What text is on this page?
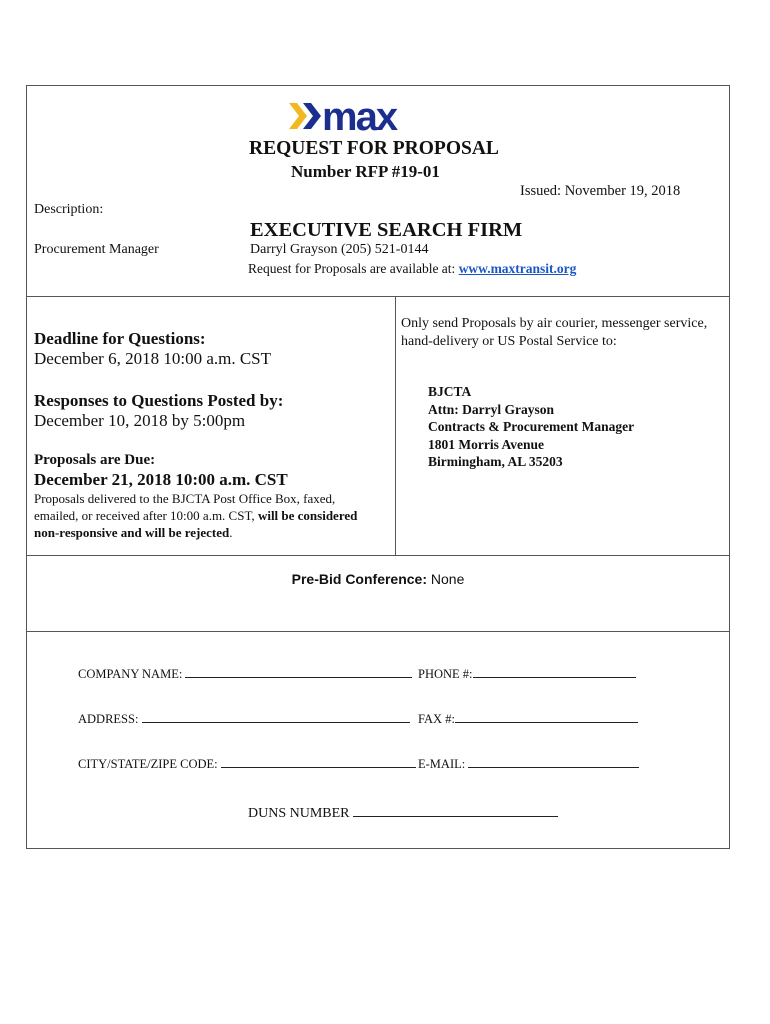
max
REQUEST FOR PROPOSAL
Number RFP #19-01
Issued: November 19, 2018
Description:
EXECUTIVE SEARCH FIRM
Procurement Manager	Darryl Grayson (205) 521-0144
Request for Proposals are available at: www.maxtransit.org
Deadline for Questions:
December 6, 2018 10:00 a.m. CST
Responses to Questions Posted by:
December 10, 2018 by 5:00pm
Proposals are Due:
December 21, 2018 10:00 a.m. CST
Proposals delivered to the BJCTA Post Office Box, faxed,
emailed, or received after 10:00 a.m. CST, will be considered
non-responsive and will be rejected.
Only send Proposals by air courier, messenger service,
hand-delivery or US Postal Service to:
BJCTA
Attn: Darryl Grayson
Contracts & Procurement Manager
1801 Morris Avenue
Birmingham, AL 35203
Pre-Bid Conference: None
COMPANY NAME:	PHONE #:
ADDRESS:	FAX #:
CITY/STATE/ZIPE CODE:	E-MAIL:
DUNS NUMBER
